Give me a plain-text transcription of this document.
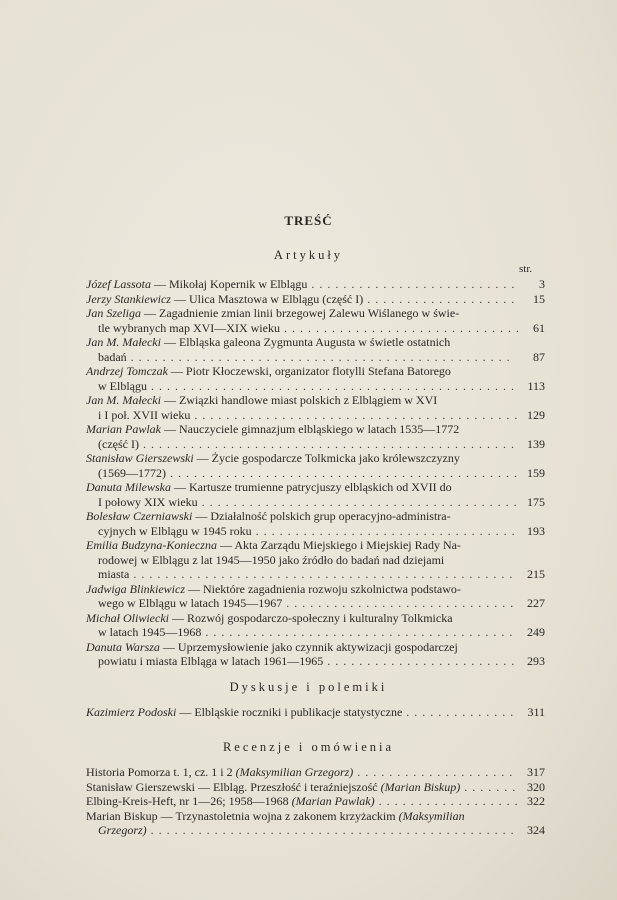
TREŚĆ
Artykuły
str.
Dyskusje i polemiki
Recenzje i omówienia
Józef Lassota
— Mikołaj Kopernik w Elblągu . . .	3
Jerzy Stankiewicz
— Ulica Masztowa w Elblągu (część I) . . .	15
Jan Szeliga
— Zagadnienie zmian linii brzegowej Zalewu Wiślanego w świe-
tle wybranych map XVI—XIX wieku . . .	61
Jan M. Małecki
— Elbląska galeona Zygmunta Augusta w świetle ostatnich
badań . . .	87
Andrzej Tomczak
— Piotr Kłoczewski, organizator flotylli Stefana Batorego
w Elblągu . . .	113
Jan M. Małecki
— Związki handlowe miast polskich z Elblągiem w XVI
i I poł. XVII wieku . . .	129
Marian Pawlak
— Nauczyciele gimnazjum elbląskiego w latach 1535—1772
(część I) . . .	139
Stanisław Gierszewski
— Życie gospodarcze Tolkmicka jako królewszczyzny
(1569—1772) . . .	159
Danuta Milewska
— Kartusze trumienne patrycjuszy elbląskich od XVII do
I połowy XIX wieku . . .	175
Bolesław Czerniawski
— Działalność polskich grup operacyjno-administra-
cyjnych w Elblągu w 1945 roku . . .	193
Emilia Budzyna-Konieczna
— Akta Zarządu Miejskiego i Miejskiej Rady Na-
rodowej w Elblągu z lat 1945—1950 jako źródło do badań nad dziejami
miasta . . .	215
Jadwiga Blinkiewicz
— Niektóre zagadnienia rozwoju szkolnictwa podstawo-
wego w Elblągu w latach 1945—1967 . . .	227
Michał Oliwiecki
— Rozwój gospodarczo-społeczny i kulturalny Tolkmicka
w latach 1945—1968 . . .	249
Danuta Warsza
— Uprzemysłowienie jako czynnik aktywizacji gospodarczej
powiatu i miasta Elbląga w latach 1961—1965 . . .	293
Kazimierz Podoski
— Elbląskie roczniki i publikacje statystyczne . . .	311
Historia Pomorza t. 1, cz. 1 i 2
(Maksymilian Grzegorz) . . .	317
Stanisław Gierszewski — Elbląg. Przeszłość i teraźniejszość
(Marian Biskup) . . .	320
Elbing-Kreis-Heft, nr 1—26; 1958—1968
(Marian Pawlak) . . .	322
Marian Biskup — Trzynastoletnia wojna z zakonem krzyżackim
(Maksymilian
Grzegorz) . . .	324
